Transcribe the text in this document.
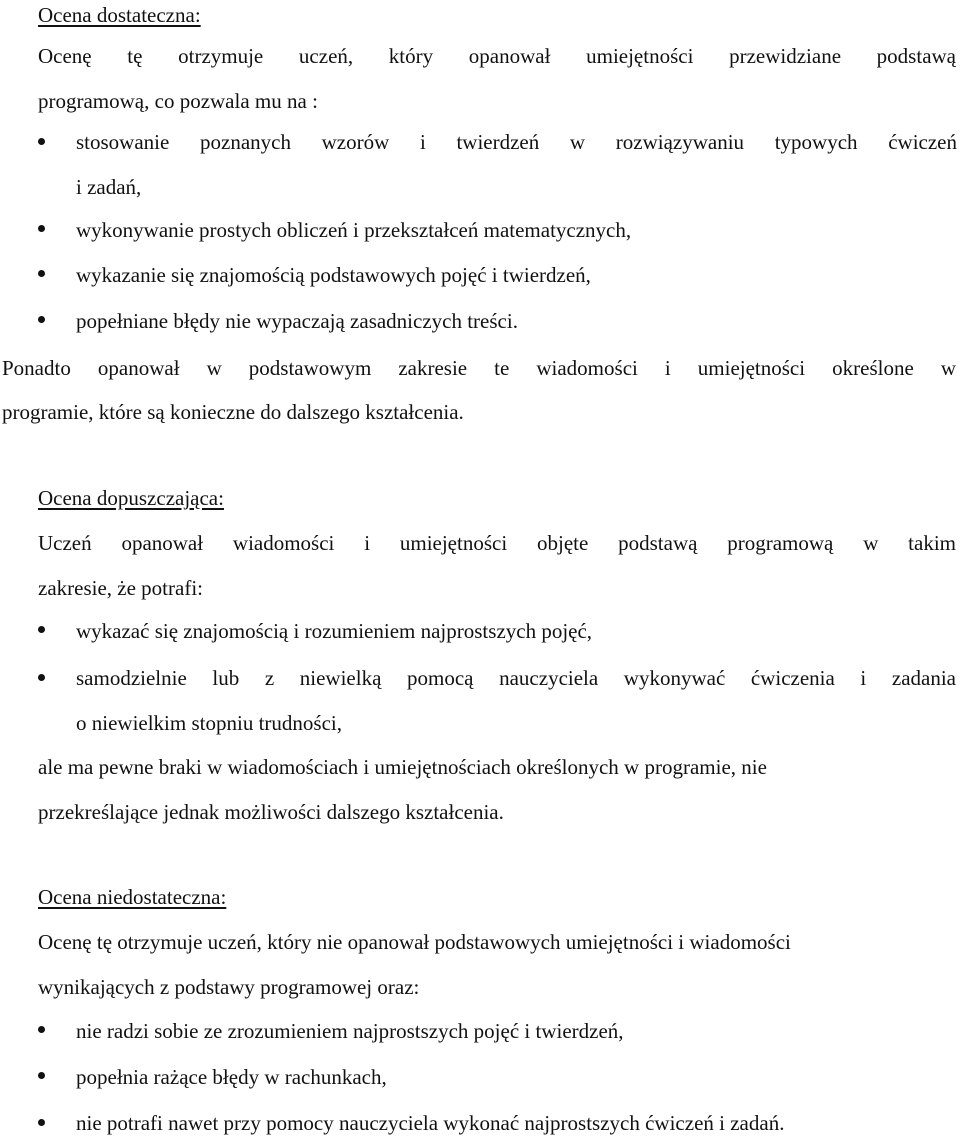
Ocena dostateczna:
Ocenę tę otrzymuje uczeń, który opanował umiejętności przewidziane podstawą
programową, co pozwala mu na :
stosowanie poznanych wzorów i twierdzeń w rozwiązywaniu typowych ćwiczeń
i zadań,
wykonywanie prostych obliczeń i przekształceń matematycznych,
wykazanie się znajomością podstawowych pojęć i twierdzeń,
popełniane błędy nie wypaczają zasadniczych treści.
Ponadto opanował w podstawowym zakresie te wiadomości i umiejętności określone w
programie, które są konieczne do dalszego kształcenia.
Ocena dopuszczająca:
Uczeń opanował wiadomości i umiejętności objęte podstawą programową w takim
zakresie, że potrafi:
wykazać się znajomością i rozumieniem najprostszych pojęć,
samodzielnie lub z niewielką pomocą nauczyciela wykonywać ćwiczenia i zadania
o niewielkim stopniu trudności,
ale ma pewne braki w wiadomościach i umiejętnościach określonych w programie, nie
przekreślające jednak możliwości dalszego kształcenia.
Ocena niedostateczna:
Ocenę tę otrzymuje uczeń, który nie opanował podstawowych umiejętności i wiadomości
wynikających z podstawy programowej oraz:
nie radzi sobie ze zrozumieniem najprostszych pojęć i twierdzeń,
popełnia rażące błędy w rachunkach,
nie potrafi nawet przy pomocy nauczyciela wykonać najprostszych ćwiczeń i zadań.
